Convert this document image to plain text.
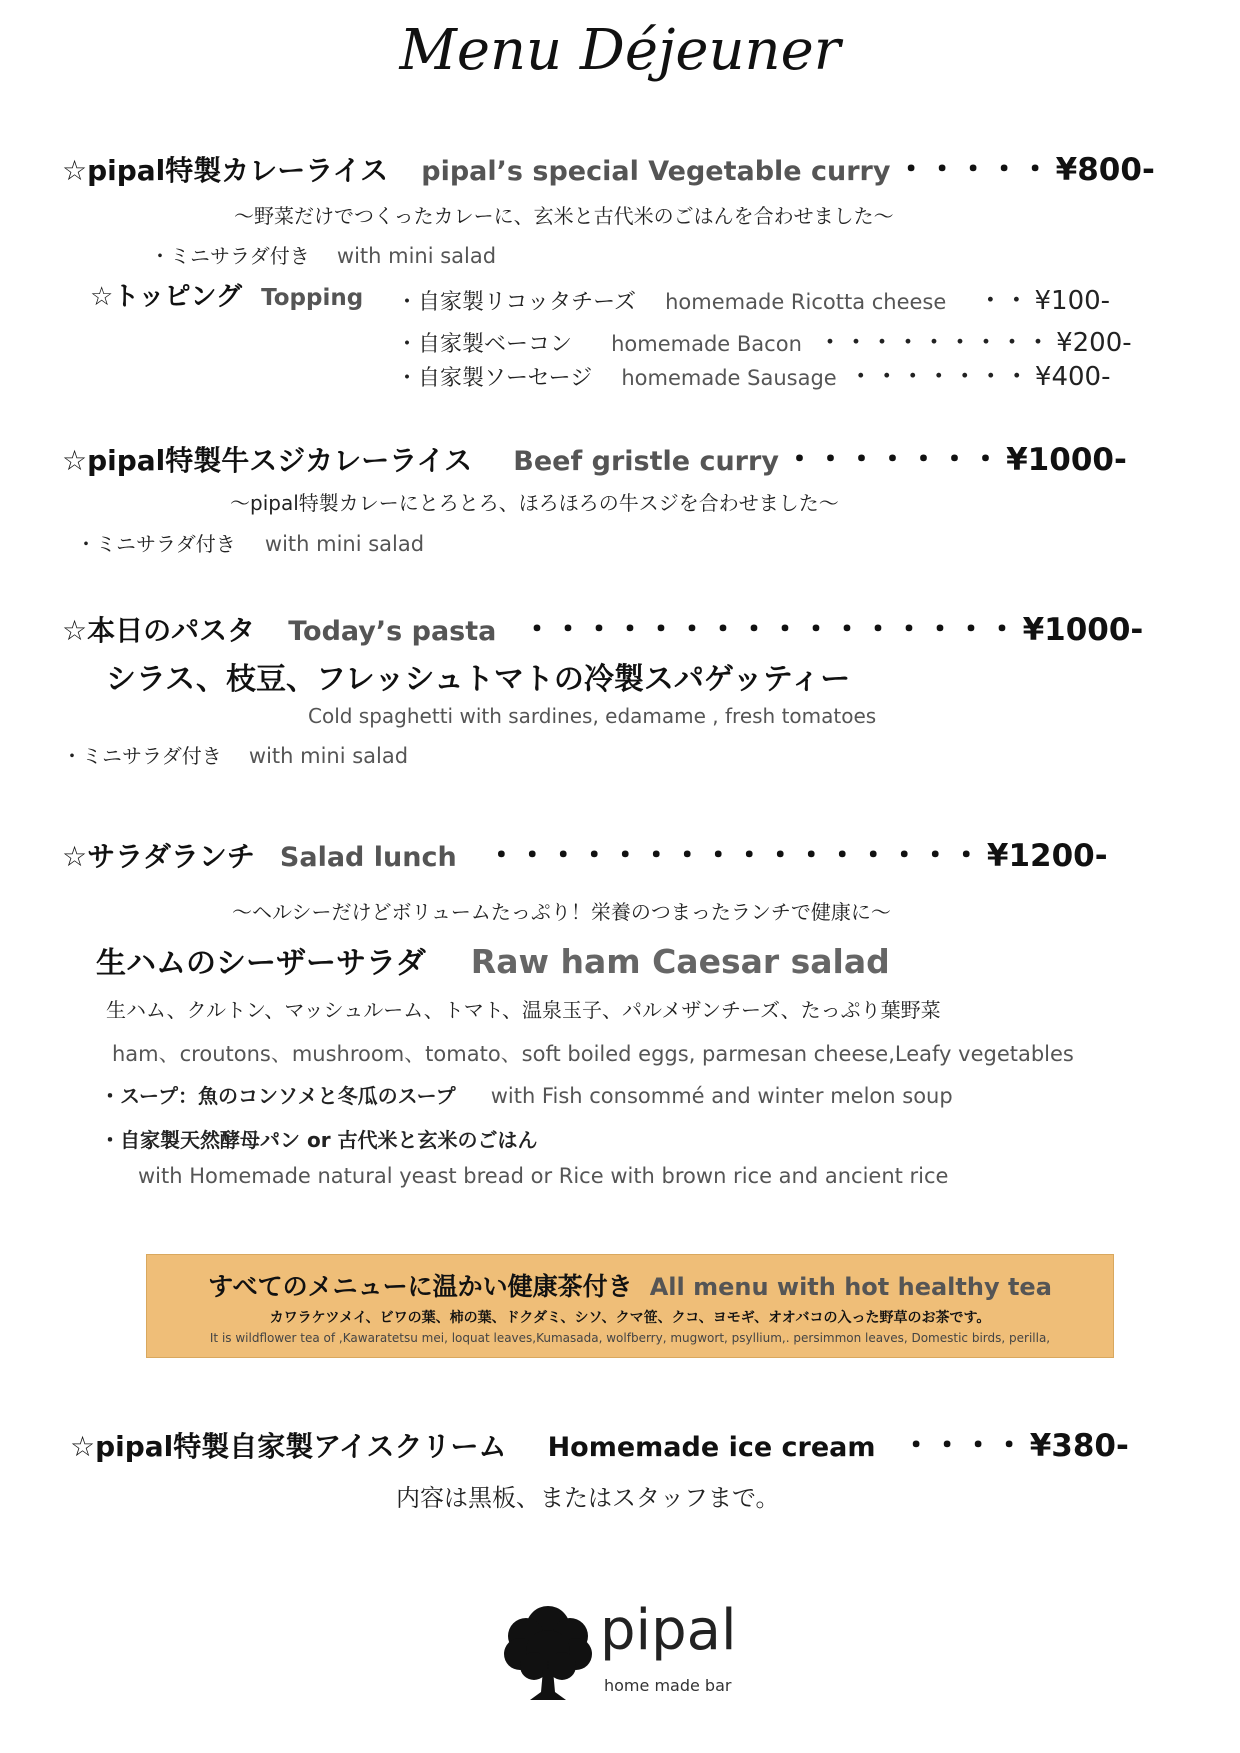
Menu Déjeuner
☆pipal特製カレーライス pipal’s special Vegetable curry ・・・・・ ¥800-
〜野菜だけでつくったカレーに、玄米と古代米のごはんを合わせました〜
・ミニサラダ付き with mini salad
☆トッピング Topping ・自家製リコッタチーズ homemade Ricotta cheese ・・ ¥100-
・自家製ベーコン homemade Bacon ・・・・・・・・・ ¥200-
・自家製ソーセージ homemade Sausage ・・・・・・・ ¥400-
☆pipal特製牛スジカレーライス Beef gristle curry ・・・・・・・ ¥1000-
〜pipal特製カレーにとろとろ、ほろほろの牛スジを合わせました〜
・ミニサラダ付き with mini salad
☆本日のパスタ Today’s pasta ・・・・・・・・・・・・・・・・ ¥1000-
シラス、枝豆、フレッシュトマトの冷製スパゲッティー
Cold spaghetti with sardines, edamame , fresh tomatoes
・ミニサラダ付き with mini salad
☆サラダランチ Salad lunch ・・・・・・・・・・・・・・・・ ¥1200-
〜ヘルシーだけどボリュームたっぷり！栄養のつまったランチで健康に〜
生ハムのシーザーサラダ Raw ham Caesar salad
生ハム、クルトン、マッシュルーム、トマト、温泉玉子、パルメザンチーズ、たっぷり葉野菜
ham、croutons、mushroom、tomato、soft boiled eggs, parmesan cheese,Leafy vegetables
・スープ：魚のコンソメと冬瓜のスープ with Fish consommé and winter melon soup
・自家製天然酵母パン or 古代米と玄米のごはん
with Homemade natural yeast bread or Rice with brown rice and ancient rice
すべてのメニューに温かい健康茶付き All menu with hot healthy tea
カワラケツメイ、ビワの葉、柿の葉、ドクダミ、シソ、クマ笹、クコ、ヨモギ、オオバコの入った野草のお茶です。
It is wildflower tea of ,Kawaratetsu mei, loquat leaves,Kumasada, wolfberry, mugwort, psyllium,. persimmon leaves, Domestic birds, perilla,
☆pipal特製自家製アイスクリーム Homemade ice cream ・・・・ ¥380-
内容は黒板、またはスタッフまで。
pipal
home made bar
